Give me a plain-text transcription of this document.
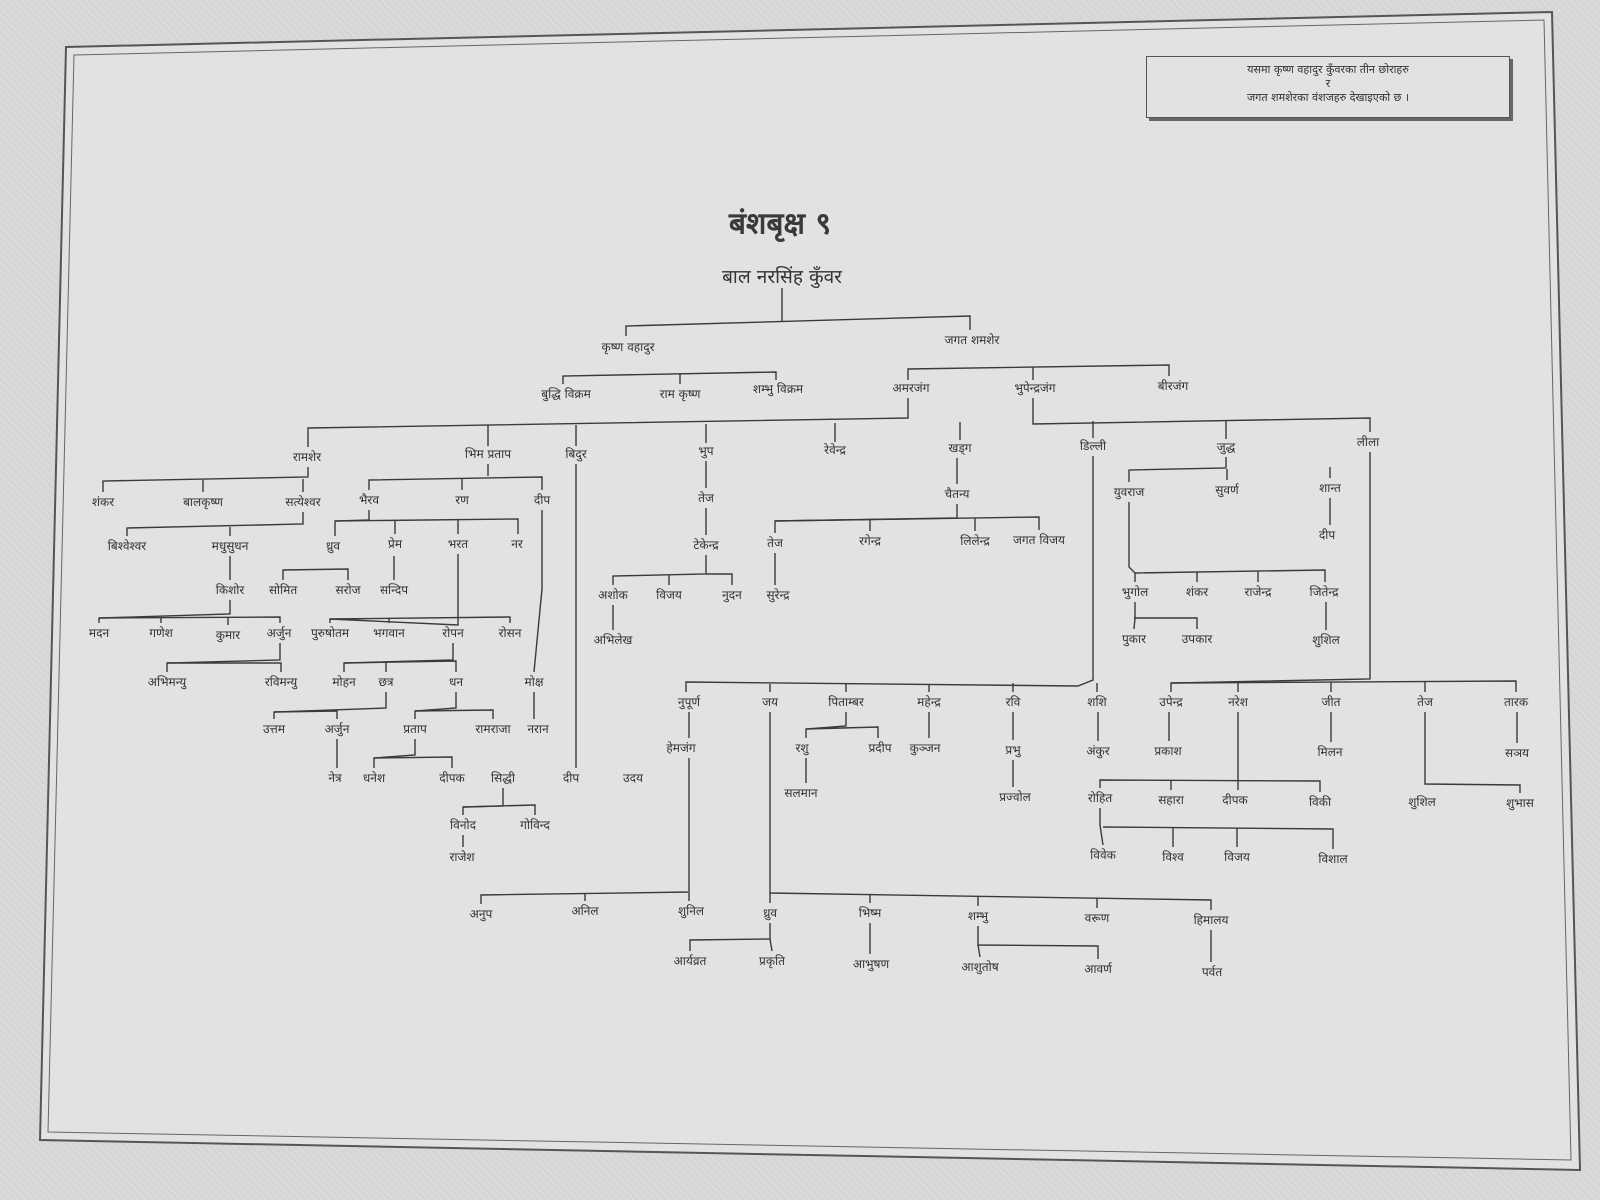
यसमा कृष्ण वहादुर कुँवरका तीन छोराहरु
र
जगत शमशेरका वंशजहरु देखाइएको छ ।
बंशबृक्ष ९
बाल नरसिंह कुँवर
कृष्ण वहादुर	जगत शमशेर
बुद्धि विक्रम	राम कृष्ण	शम्भु विक्रम	अमरजंग	भुपेन्द्रजंग	बीरजंग
रामशेर	भिम प्रताप	बिदुर	भुप	रेवेन्द्र	खड्ग	डिल्ली	जुद्ध	लीला
शंकर	बालकृष्ण	सत्येश्वर	भैरव	रण	दीप	तेज	चैतन्य	युवराज	सुवर्ण	शान्त
बिश्वेश्वर	मधुसुधन	ध्रुव	प्रेम	भरत	नर	टेकेन्द्र	तेज	रगेन्द्र	लिलेन्द्र जगत विजय	दीप
किशोर सोमित	सरोज सन्दिप	अशोक विजय	नुदन सुरेन्द्र	भुगोल	शंकर	राजेन्द्र	जितेन्द्र
मदन	गणेश	कुमार अर्जुन पुरुषोतम भगवान	रोपन	रोसन	अभिलेख	पुकार	उपकार	शुशिल
अभिमन्यु	रविमन्यु	मोहन छत्र	धन	मोक्ष
नुपूर्ण	जय	पिताम्बर	महेन्द्र	रवि	शशि	उपेन्द्र	नरेश	जीत	तेज	तारक
उत्तम	अर्जुन	प्रताप	रामराजा नरान
हेमजंग	रशु	प्रदीप कुञ्जन	प्रभु	अंकुर	प्रकाश	मिलन	सञय
नेत्र धनेश	दीपक सिद्धी	दीप	उदय
सलमान	प्रज्वोल	रोहित	सहारा	दीपक	विकी	शुशिल	शुभास
विनोद	गोविन्द
राजेश	विवेक	विश्व	विजय	विशाल
अनुप	अनिल	शुनिल	ध्रुव	भिष्म	शम्भु	वरूण	हिमालय
आर्यव्रत	प्रकृति	आभुषण	आशुतोष	आवर्ण	पर्वत
